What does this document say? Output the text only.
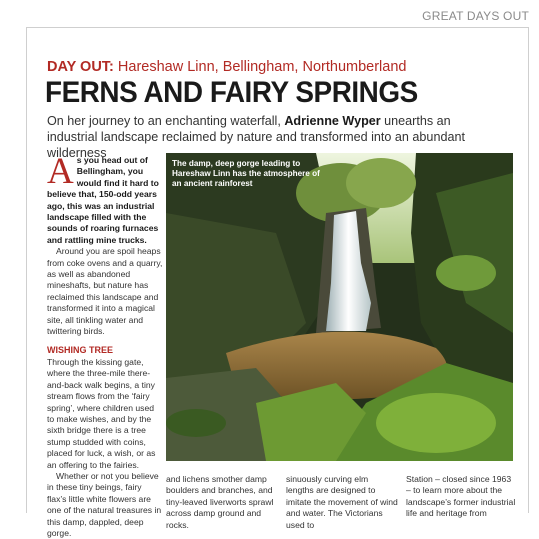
GREAT DAYS OUT
DAY OUT: Hareshaw Linn, Bellingham, Northumberland
FERNS AND FAIRY SPRINGS
On her journey to an enchanting waterfall, Adrienne Wyper unearths an industrial landscape reclaimed by nature and transformed into an abundant wilderness
A s you head out of Bellingham, you would find it hard to believe that, 150-odd years ago, this was an industrial landscape filled with the sounds of roaring furnaces and rattling mine trucks.

Around you are spoil heaps from coke ovens and a quarry, as well as abandoned mineshafts, but nature has reclaimed this landscape and transformed it into a magical site, all tinkling water and twittering birds.

WISHING TREE

Through the kissing gate, where the three-mile there-and-back walk begins, a tiny stream flows from the ‘fairy spring’, where children used to make wishes, and by the sixth bridge there is a tree stump studded with coins, placed for luck, a wish, or as an offering to the fairies.

Whether or not you believe in these tiny beings, fairy flax’s little white flowers are one of the natural treasures in this damp, dappled, deep gorge.

The damp, deep gorge leading to Hareshaw Linn has the atmosphere of an ancient rainforest

and lichens smother damp boulders and branches, and tiny-leaved liverworts sprawl across damp ground and rocks.

sinuously curving elm lengths are designed to imitate the movement of wind and water. The Victorians used to

Station – closed since 1963 – to learn more about the landscape’s former industrial life and heritage from
